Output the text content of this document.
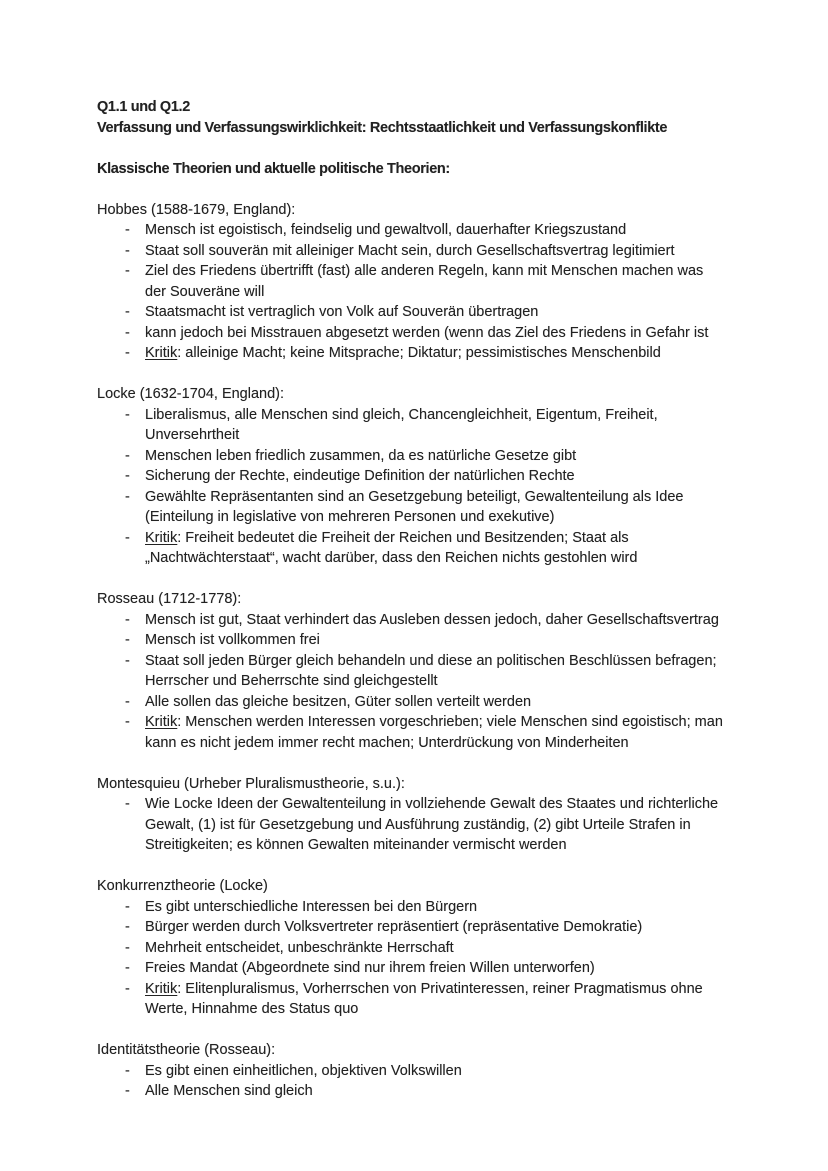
Q1.1 und Q1.2
Verfassung und Verfassungswirklichkeit: Rechtsstaatlichkeit und Verfassungskonflikte
Klassische Theorien und aktuelle politische Theorien:
Hobbes (1588-1679, England):
-	Mensch ist egoistisch, feindselig und gewaltvoll, dauerhafter Kriegszustand
-	Staat soll souverän mit alleiniger Macht sein, durch Gesellschaftsvertrag legitimiert
-	Ziel des Friedens übertrifft (fast) alle anderen Regeln, kann mit Menschen machen was der Souveräne will
-	Staatsmacht ist vertraglich von Volk auf Souverän übertragen
-	kann jedoch bei Misstrauen abgesetzt werden (wenn das Ziel des Friedens in Gefahr ist
-	Kritik: alleinige Macht; keine Mitsprache; Diktatur; pessimistisches Menschenbild
Locke (1632-1704, England):
-	Liberalismus, alle Menschen sind gleich, Chancengleichheit, Eigentum, Freiheit, Unversehrtheit
-	Menschen leben friedlich zusammen, da es natürliche Gesetze gibt
-	Sicherung der Rechte, eindeutige Definition der natürlichen Rechte
-	Gewählte Repräsentanten sind an Gesetzgebung beteiligt, Gewaltenteilung als Idee (Einteilung in legislative von mehreren Personen und exekutive)
-	Kritik: Freiheit bedeutet die Freiheit der Reichen und Besitzenden; Staat als „Nachtwächterstaat“, wacht darüber, dass den Reichen nichts gestohlen wird
Rosseau (1712-1778):
-	Mensch ist gut, Staat verhindert das Ausleben dessen jedoch, daher Gesellschaftsvertrag
-	Mensch ist vollkommen frei
-	Staat soll jeden Bürger gleich behandeln und diese an politischen Beschlüssen befragen; Herrscher und Beherrschte sind gleichgestellt
-	Alle sollen das gleiche besitzen, Güter sollen verteilt werden
-	Kritik: Menschen werden Interessen vorgeschrieben; viele Menschen sind egoistisch; man kann es nicht jedem immer recht machen; Unterdrückung von Minderheiten
Montesquieu (Urheber Pluralismustheorie, s.u.):
-	Wie Locke Ideen der Gewaltenteilung in vollziehende Gewalt des Staates und richterliche Gewalt, (1) ist für Gesetzgebung und Ausführung zuständig, (2) gibt Urteile Strafen in Streitigkeiten; es können Gewalten miteinander vermischt werden
Konkurrenztheorie (Locke)
-	Es gibt unterschiedliche Interessen bei den Bürgern
-	Bürger werden durch Volksvertreter repräsentiert (repräsentative Demokratie)
-	Mehrheit entscheidet, unbeschränkte Herrschaft
-	Freies Mandat (Abgeordnete sind nur ihrem freien Willen unterworfen)
-	Kritik: Elitenpluralismus, Vorherrschen von Privatinteressen, reiner Pragmatismus ohne Werte, Hinnahme des Status quo
Identitätstheorie (Rosseau):
-	Es gibt einen einheitlichen, objektiven Volkswillen
-	Alle Menschen sind gleich
